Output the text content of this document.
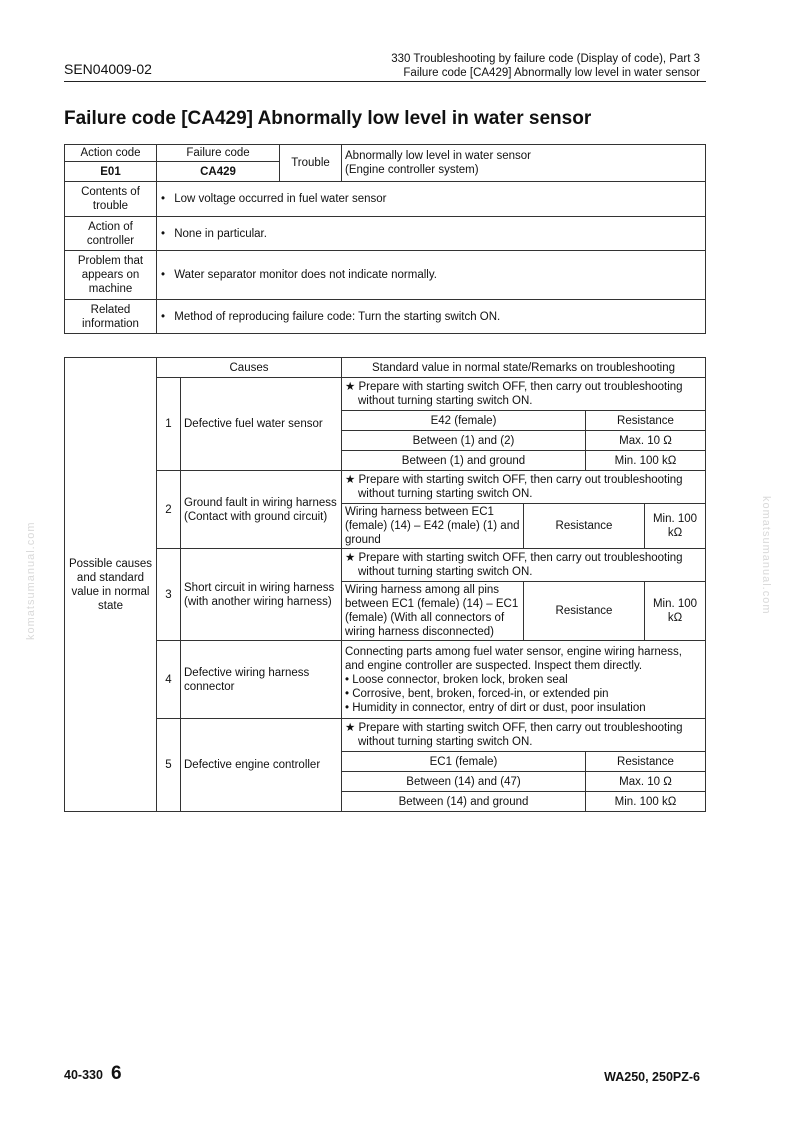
SEN04009-02
330 Troubleshooting by failure code (Display of code), Part 3
Failure code [CA429] Abnormally low level in water sensor
Failure code [CA429] Abnormally low level in water sensor
komatsumanual.com	komatsumanual.com
Action code	Failure code	Trouble	Abnormally low level in water sensor
(Engine controller system)

E01	CA429		
Contents of trouble	• Low voltage occurred in fuel water sensor		
Action of controller	• None in particular.		
Problem that appears on machine	• Water separator monitor does not indicate normally.		
Related information	• Method of reproducing failure code: Turn the starting switch ON.		
Possible causes and standard value in normal state	Causes		Standard value in normal state/Remarks on troubleshooting			
	1	Defective fuel water sensor	★ Prepare with starting switch OFF, then carry out troubleshooting without turning starting switch ON.			

			E42 (female)		Resistance	
			Between (1) and (2)		Max. 10 Ω	
			Between (1) and ground		Min. 100 kΩ	
	2	Ground fault in wiring harness (Contact with ground circuit)	★ Prepare with starting switch OFF, then carry out troubleshooting without turning starting switch ON.			

			Wiring harness between EC1 (female) (14) – E42 (male) (1) and ground	Resistance		Min. 100 kΩ
	3	Short circuit in wiring harness (with another wiring harness)	★ Prepare with starting switch OFF, then carry out troubleshooting without turning starting switch ON.			

			Wiring harness among all pins between EC1 (female) (14) – EC1 (female) (With all connectors of wiring harness disconnected)	Resistance		Min. 100 kΩ
	4	Defective wiring harness connector	Connecting parts among fuel water sensor, engine wiring harness, and engine controller are suspected. Inspect them directly.
• Loose connector, broken lock, broken seal
• Corrosive, bent, broken, forced-in, or extended pin
• Humidity in connector, entry of dirt or dust, poor insulation			

	5	Defective engine controller	★ Prepare with starting switch OFF, then carry out troubleshooting without turning starting switch ON.			

			EC1 (female)		Resistance	
			Between (14) and (47)		Max. 10 Ω	
			Between (14) and ground		Min. 100 kΩ	
40-330 6	WA250, 250PZ-6
